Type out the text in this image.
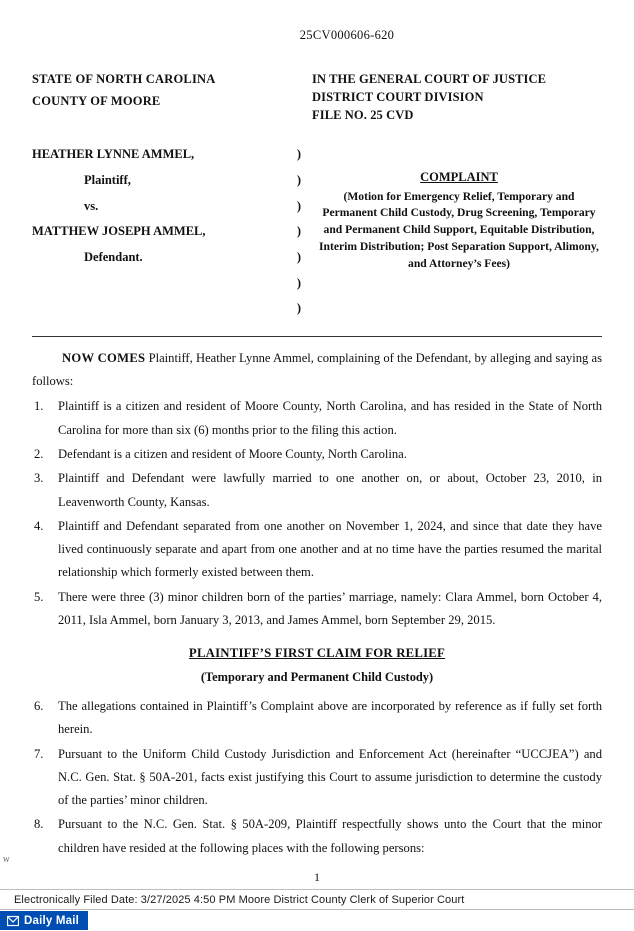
25CV000606-620
STATE OF NORTH CAROLINA
COUNTY OF MOORE
IN THE GENERAL COURT OF JUSTICE
DISTRICT COURT DIVISION
FILE NO. 25 CVD
HEATHER LYNNE AMMEL,
Plaintiff,
vs.
MATTHEW JOSEPH AMMEL,
Defendant.
)
)
)
)
)
)
)
COMPLAINT
(Motion for Emergency Relief, Temporary and Permanent Child Custody, Drug Screening, Temporary and Permanent Child Support, Equitable Distribution, Interim Distribution; Post Separation Support, Alimony, and Attorney’s Fees)

NOW COMES Plaintiff, Heather Lynne Ammel, complaining of the Defendant, by alleging and saying as follows:

1.	Plaintiff is a citizen and resident of Moore County, North Carolina, and has resided in the State of North Carolina for more than six (6) months prior to the filing this action.
2.	Defendant is a citizen and resident of Moore County, North Carolina.
3.	Plaintiff and Defendant were lawfully married to one another on, or about, October 23, 2010, in Leavenworth County, Kansas.
4.	Plaintiff and Defendant separated from one another on November 1, 2024, and since that date they have lived continuously separate and apart from one another and at no time have the parties resumed the marital relationship which formerly existed between them.
5.	There were three (3) minor children born of the parties’ marriage, namely: Clara Ammel, born October 4, 2011, Isla Ammel, born January 3, 2013, and James Ammel, born September 29, 2015.
PLAINTIFF’S FIRST CLAIM FOR RELIEF
(Temporary and Permanent Child Custody)
6.	The allegations contained in Plaintiff’s Complaint above are incorporated by reference as if fully set forth herein.
7.	Pursuant to the Uniform Child Custody Jurisdiction and Enforcement Act (hereinafter “UCCJEA”) and N.C. Gen. Stat. § 50A-201, facts exist justifying this Court to assume jurisdiction to determine the custody of the parties’ minor children.
8.	Pursuant to the N.C. Gen. Stat. § 50A-209, Plaintiff respectfully shows unto the Court that the minor children have resided at the following places with the following persons:
1
W
Electronically Filed Date: 3/27/2025 4:50 PM Moore District County Clerk of Superior Court
Daily Mail
